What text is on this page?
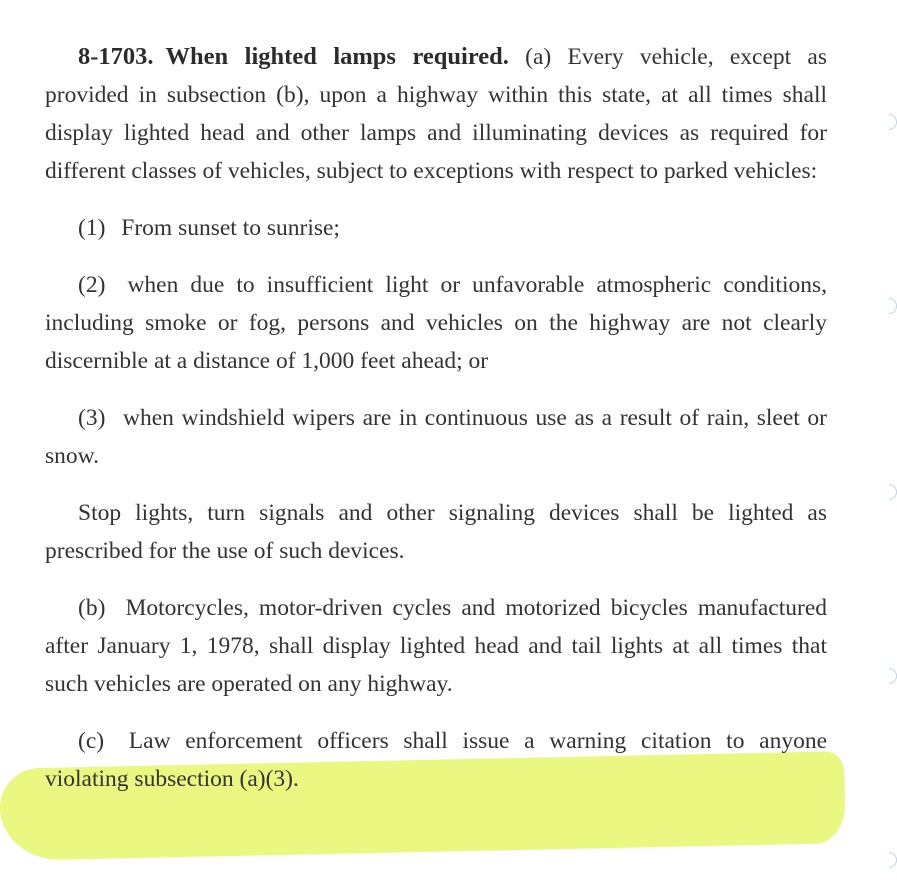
8-1703. When lighted lamps required. (a) Every vehicle, except as provided in subsection (b), upon a highway within this state, at all times shall display lighted head and other lamps and illuminating devices as required for different classes of vehicles, subject to exceptions with respect to parked vehicles:

(1) From sunset to sunrise;

(2) when due to insufficient light or unfavorable atmospheric conditions, including smoke or fog, persons and vehicles on the highway are not clearly discernible at a distance of 1,000 feet ahead; or

(3) when windshield wipers are in continuous use as a result of rain, sleet or snow.

Stop lights, turn signals and other signaling devices shall be lighted as prescribed for the use of such devices.

(b) Motorcycles, motor-driven cycles and motorized bicycles manufactured after January 1, 1978, shall display lighted head and tail lights at all times that such vehicles are operated on any highway.

(c) Law enforcement officers shall issue a warning citation to anyone violating subsection (a)(3).
